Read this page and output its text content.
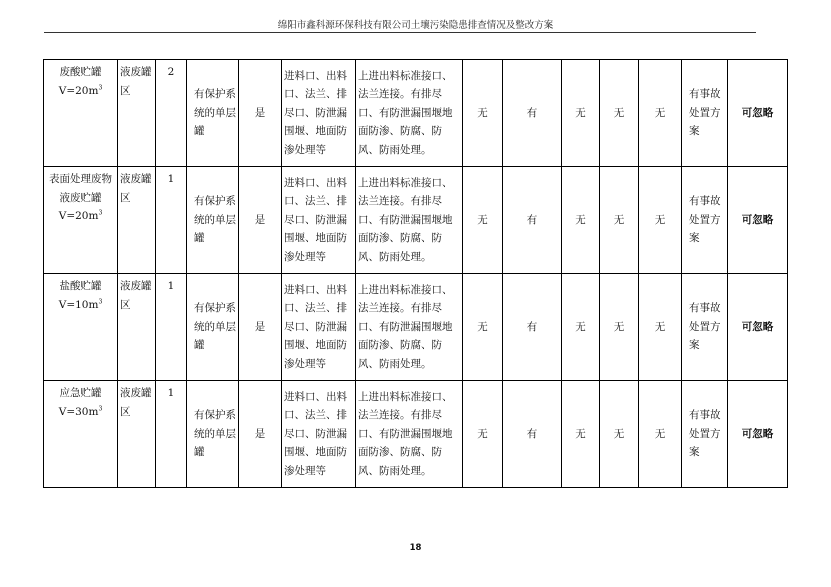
绵阳市鑫科源环保科技有限公司土壤污染隐患排查情况及整改方案
废酸贮罐
$V=20m^3$	液废罐区	2	有保护系统的单层罐	是	进料口、出料口、法兰、排尽口、防泄漏围堰、地面防渗处理等	上进出料标准接口、法兰连接。有排尽口、有防泄漏围堰地面防渗、防腐、防风、防雨处理。	无	有	无	无	无	有事故处置方案	可忽略

表面处理废物液废贮罐
$V=20m^3$	液废罐区	1	有保护系统的单层罐	是	进料口、出料口、法兰、排尽口、防泄漏围堰、地面防渗处理等	上进出料标准接口、法兰连接。有排尽口、有防泄漏围堰地面防渗、防腐、防风、防雨处理。	无	有	无	无	无	有事故处置方案	可忽略

盐酸贮罐
$V=10m^3$	液废罐区	1	有保护系统的单层罐	是	进料口、出料口、法兰、排尽口、防泄漏围堰、地面防渗处理等	上进出料标准接口、法兰连接。有排尽口、有防泄漏围堰地面防渗、防腐、防风、防雨处理。	无	有	无	无	无	有事故处置方案	可忽略

应急贮罐
$V=30m^3$	液废罐区	1	有保护系统的单层罐	是	进料口、出料口、法兰、排尽口、防泄漏围堰、地面防渗处理等	上进出料标准接口、法兰连接。有排尽口、有防泄漏围堰地面防渗、防腐、防风、防雨处理。	无	有	无	无	无	有事故处置方案	可忽略
18
